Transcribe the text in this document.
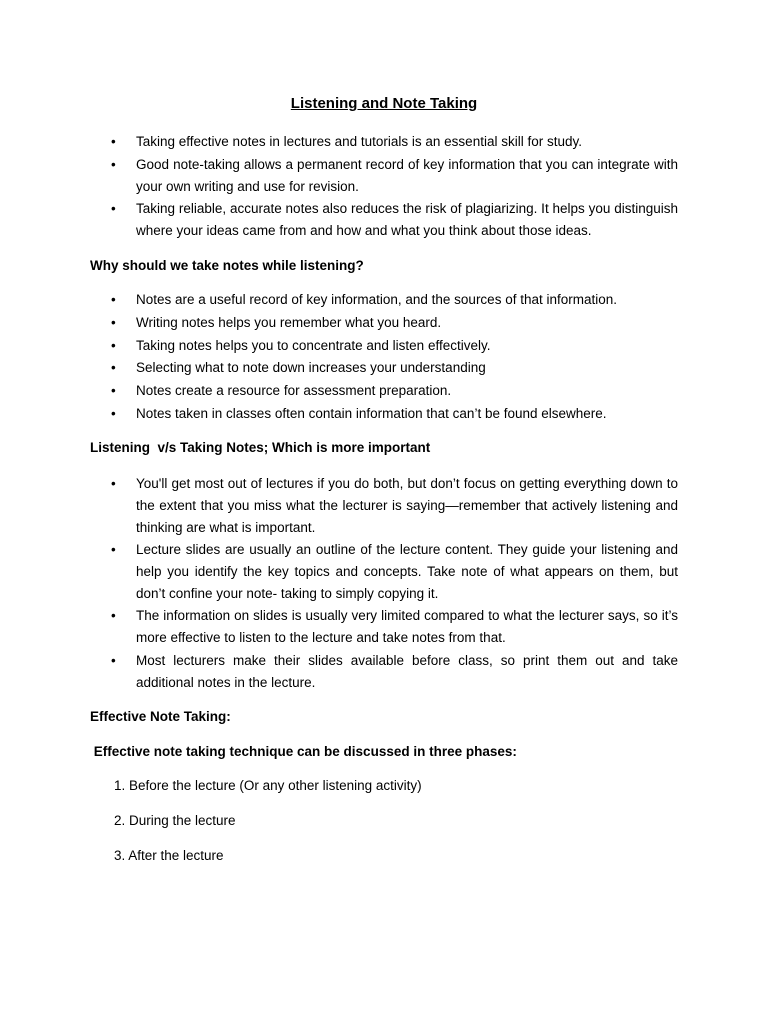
Listening and Note Taking
•	Taking effective notes in lectures and tutorials is an essential skill for study.
•	Good note-taking allows a permanent record of key information that you can integrate with your own writing and use for revision.
•	Taking reliable, accurate notes also reduces the risk of plagiarizing. It helps you distinguish where your ideas came from and how and what you think about those ideas.
Why should we take notes while listening?
•	Notes are a useful record of key information, and the sources of that information.
•	Writing notes helps you remember what you heard.
•	Taking notes helps you to concentrate and listen effectively.
•	Selecting what to note down increases your understanding
•	Notes create a resource for assessment preparation.
•	Notes taken in classes often contain information that can’t be found elsewhere.
Listening  v/s Taking Notes; Which is more important
•	You'll get most out of lectures if you do both, but don’t focus on getting everything down to the extent that you miss what the lecturer is saying—remember that actively listening and thinking are what is important.
•	Lecture slides are usually an outline of the lecture content. They guide your listening and help you identify the key topics and concepts. Take note of what appears on them, but don’t confine your note- taking to simply copying it.
•	The information on slides is usually very limited compared to what the lecturer says, so it’s more effective to listen to the lecture and take notes from that.
•	Most lecturers make their slides available before class, so print them out and take additional notes in the lecture.
Effective Note Taking:
Effective note taking technique can be discussed in three phases:
1. Before the lecture (Or any other listening activity)
2. During the lecture
3. After the lecture
